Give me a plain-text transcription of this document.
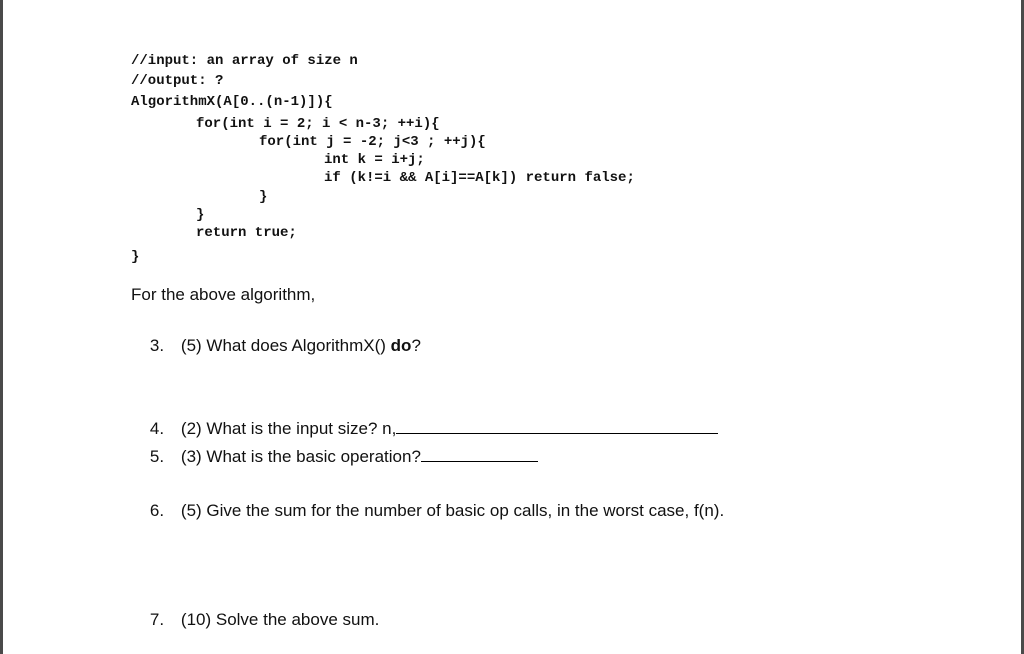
//input: an array of size n
//output: ?
AlgorithmX(A[0..(n-1)]){
for(int i = 2; i < n-3; ++i){
for(int j = -2; j<3 ; ++j){
int k = i+j;
if (k!=i && A[i]==A[k]) return false;
}
}
return true;
}
For the above algorithm,

3. (5) What does AlgorithmX() do?

4. (2) What is the input size? n,

5. (3) What is the basic operation?

6. (5) Give the sum for the number of basic op calls, in the worst case, f(n).

7. (10) Solve the above sum.
